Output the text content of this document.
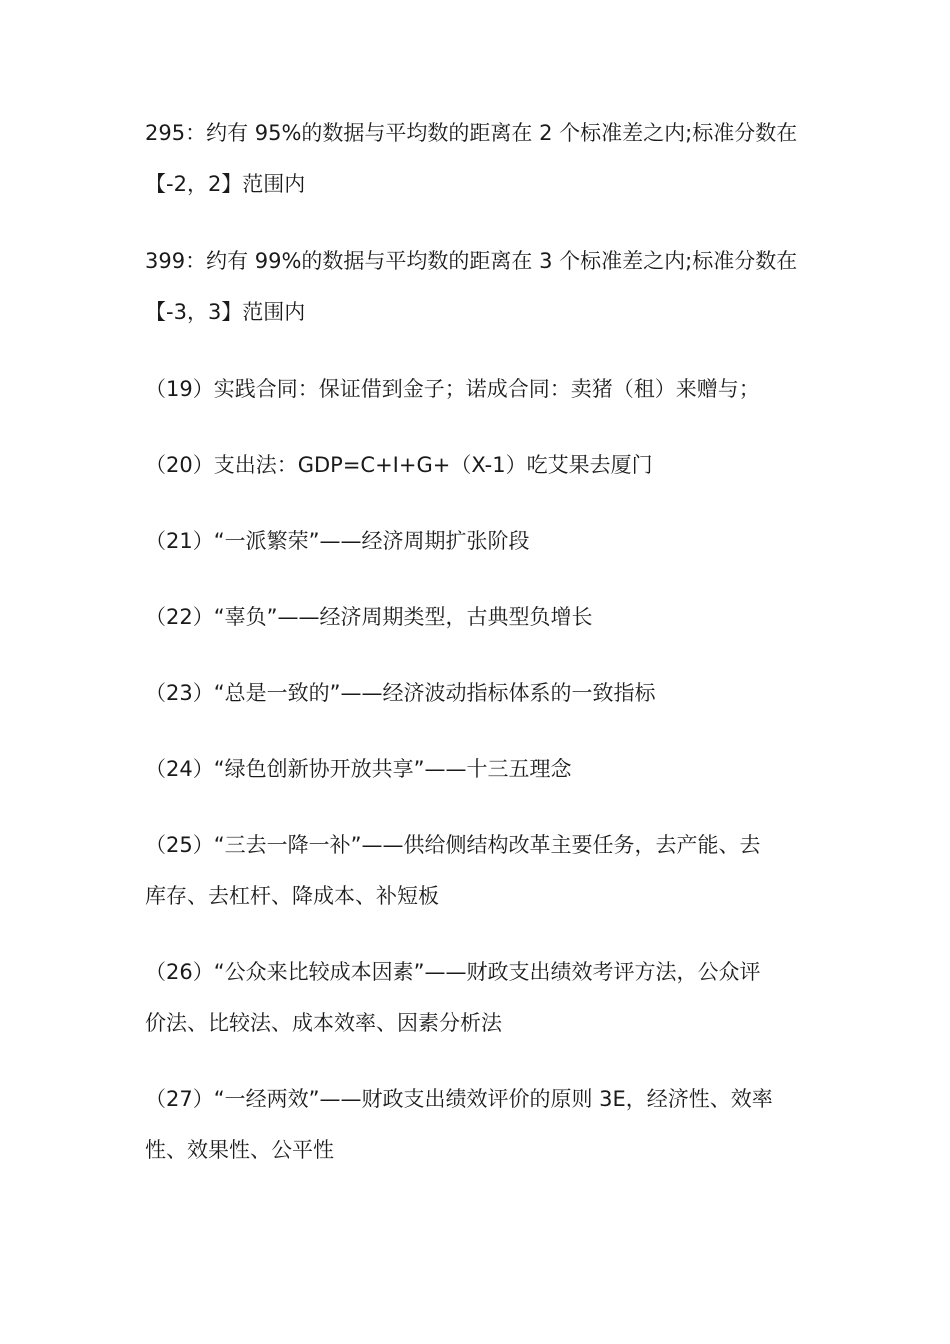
295：约有 95%的数据与平均数的距离在 2 个标准差之内;标准分数在
【-2，2】范围内
399：约有 99%的数据与平均数的距离在 3 个标准差之内;标准分数在
【-3，3】范围内
（19）实践合同：保证借到金子；诺成合同：卖猪（租）来赠与；
（20）支出法：GDP=C+I+G+（X-1）吃艾果去厦门
（21）“一派繁荣”——经济周期扩张阶段
（22）“辜负”——经济周期类型，古典型负增长
（23）“总是一致的”——经济波动指标体系的一致指标
（24）“绿色创新协开放共享”——十三五理念
（25）“三去一降一补”——供给侧结构改革主要任务，去产能、去
库存、去杠杆、降成本、补短板
（26）“公众来比较成本因素”——财政支出绩效考评方法，公众评
价法、比较法、成本效率、因素分析法
（27）“一经两效”——财政支出绩效评价的原则 3E，经济性、效率
性、效果性、公平性
